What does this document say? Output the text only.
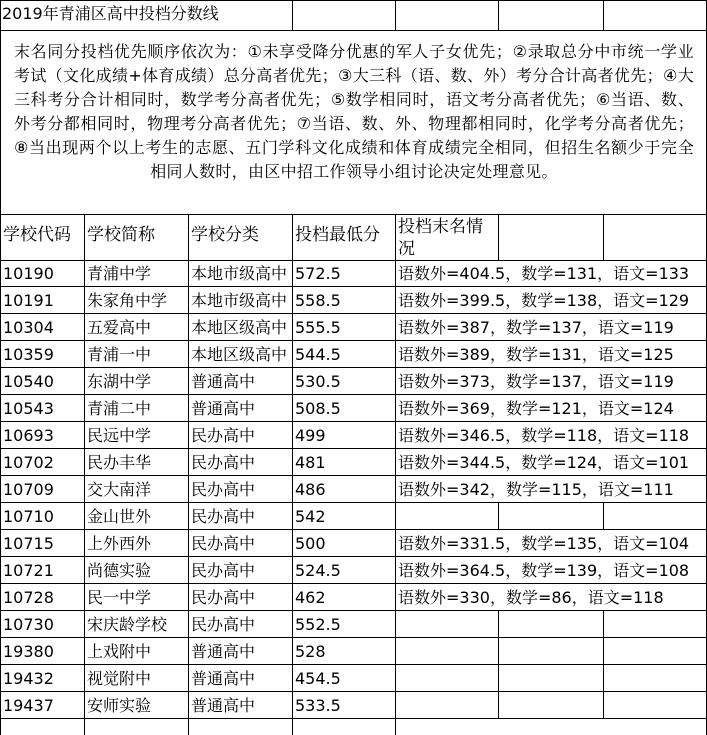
2019年青浦区高中投档分数线
末名同分投档优先顺序依次为：①未享受降分优惠的军人子女优先；②录取总分中市统一学业考试（文化成绩+体育成绩）总分高者优先；③大三科（语、数、外）考分合计高者优先；④大三科考分合计相同时，数学考分高者优先；⑤数学相同时，语文考分高者优先；⑥当语、数、外考分都相同时，物理考分高者优先；⑦当语、数、外、物理都相同时，化学考分高者优先；⑧当出现两个以上考生的志愿、五门学科文化成绩和体育成绩完全相同，但招生名额少于完全相同人数时，由区中招工作领导小组讨论决定处理意见。
学校代码 学校简称	学校分类	投档最低分	投档末名情况
10190	青浦中学	本地市级高中 572.5	语数外=404.5，数学=131，语文=133
10191	朱家角中学	本地市级高中 558.5	语数外=399.5，数学=138，语文=129
10304	五爱高中	本地区级高中 555.5	语数外=387，数学=137，语文=119
10359	青浦一中	本地区级高中 544.5	语数外=389，数学=131，语文=125
10540	东湖中学	普通高中	530.5	语数外=373，数学=137，语文=119
10543	青浦二中	普通高中	508.5	语数外=369，数学=121，语文=124
10693	民远中学	民办高中	499	语数外=346.5，数学=118，语文=118
10702	民办丰华	民办高中	481	语数外=344.5，数学=124，语文=101
10709	交大南洋	民办高中	486	语数外=342，数学=115，语文=111
10710	金山世外	民办高中	542
10715	上外西外	民办高中	500	语数外=331.5，数学=135，语文=104
10721	尚德实验	民办高中	524.5	语数外=364.5，数学=139，语文=108
10728	民一中学	民办高中	462	语数外=330，数学=86，语文=118
10730	宋庆龄学校	民办高中	552.5
19380	上戏附中	普通高中	528
19432	视觉附中	普通高中	454.5
19437	安师实验	普通高中	533.5
